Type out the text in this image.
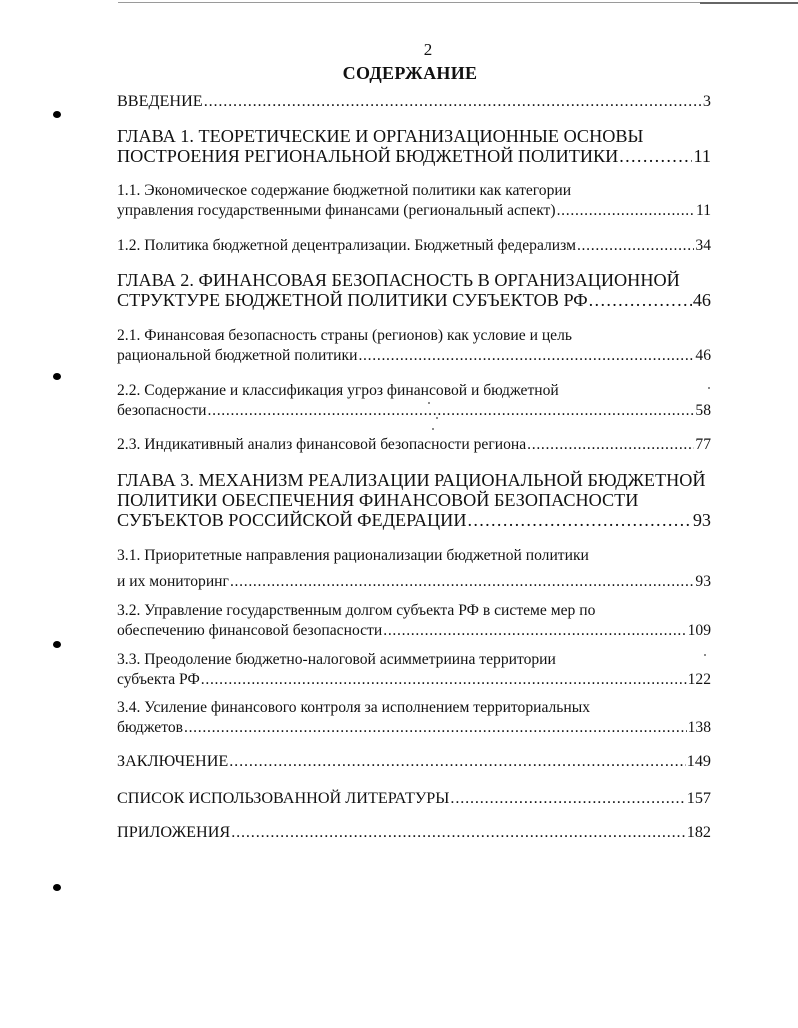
2
СОДЕРЖАНИЕ
ВВЕДЕНИЕ . . .	3
ГЛАВА 1. ТЕОРЕТИЧЕСКИЕ И ОРГАНИЗАЦИОННЫЕ ОСНОВЫ
ПОСТРОЕНИЯ РЕГИОНАЛЬНОЙ БЮДЖЕТНОЙ ПОЛИТИКИ . . .	11
1.1. Экономическое содержание бюджетной политики как категории
управления государственными финансами (региональный аспект) . . .	11
1.2. Политика бюджетной децентрализации. Бюджетный федерализм . . .	34
ГЛАВА 2. ФИНАНСОВАЯ БЕЗОПАСНОСТЬ В ОРГАНИЗАЦИОННОЙ
СТРУКТУРЕ БЮДЖЕТНОЙ ПОЛИТИКИ СУБЪЕКТОВ РФ . . .	46
2.1. Финансовая безопасность страны (регионов) как условие и цель
рациональной бюджетной политики . . .	46
2.2. Содержание и классификация угроз финансовой и бюджетной
безопасности . . .	58
2.3. Индикативный анализ финансовой безопасности региона . . .	77
ГЛАВА 3. МЕХАНИЗМ РЕАЛИЗАЦИИ РАЦИОНАЛЬНОЙ БЮДЖЕТНОЙ
ПОЛИТИКИ ОБЕСПЕЧЕНИЯ ФИНАНСОВОЙ БЕЗОПАСНОСТИ
СУБЪЕКТОВ РОССИЙСКОЙ ФЕДЕРАЦИИ . . .	93
3.1. Приоритетные направления рационализации бюджетной политики
и их мониторинг . . .	93
3.2. Управление государственным долгом субъекта РФ в системе мер по
обеспечению финансовой безопасности . . .	109
3.3. Преодоление бюджетно-налоговой асимметриина территории
субъекта РФ . . .	122
3.4. Усиление финансового контроля за исполнением территориальных
бюджетов . . .	138
ЗАКЛЮЧЕНИЕ . . .	149
СПИСОК ИСПОЛЬЗОВАННОЙ ЛИТЕРАТУРЫ . . .	157
ПРИЛОЖЕНИЯ . . .	182
